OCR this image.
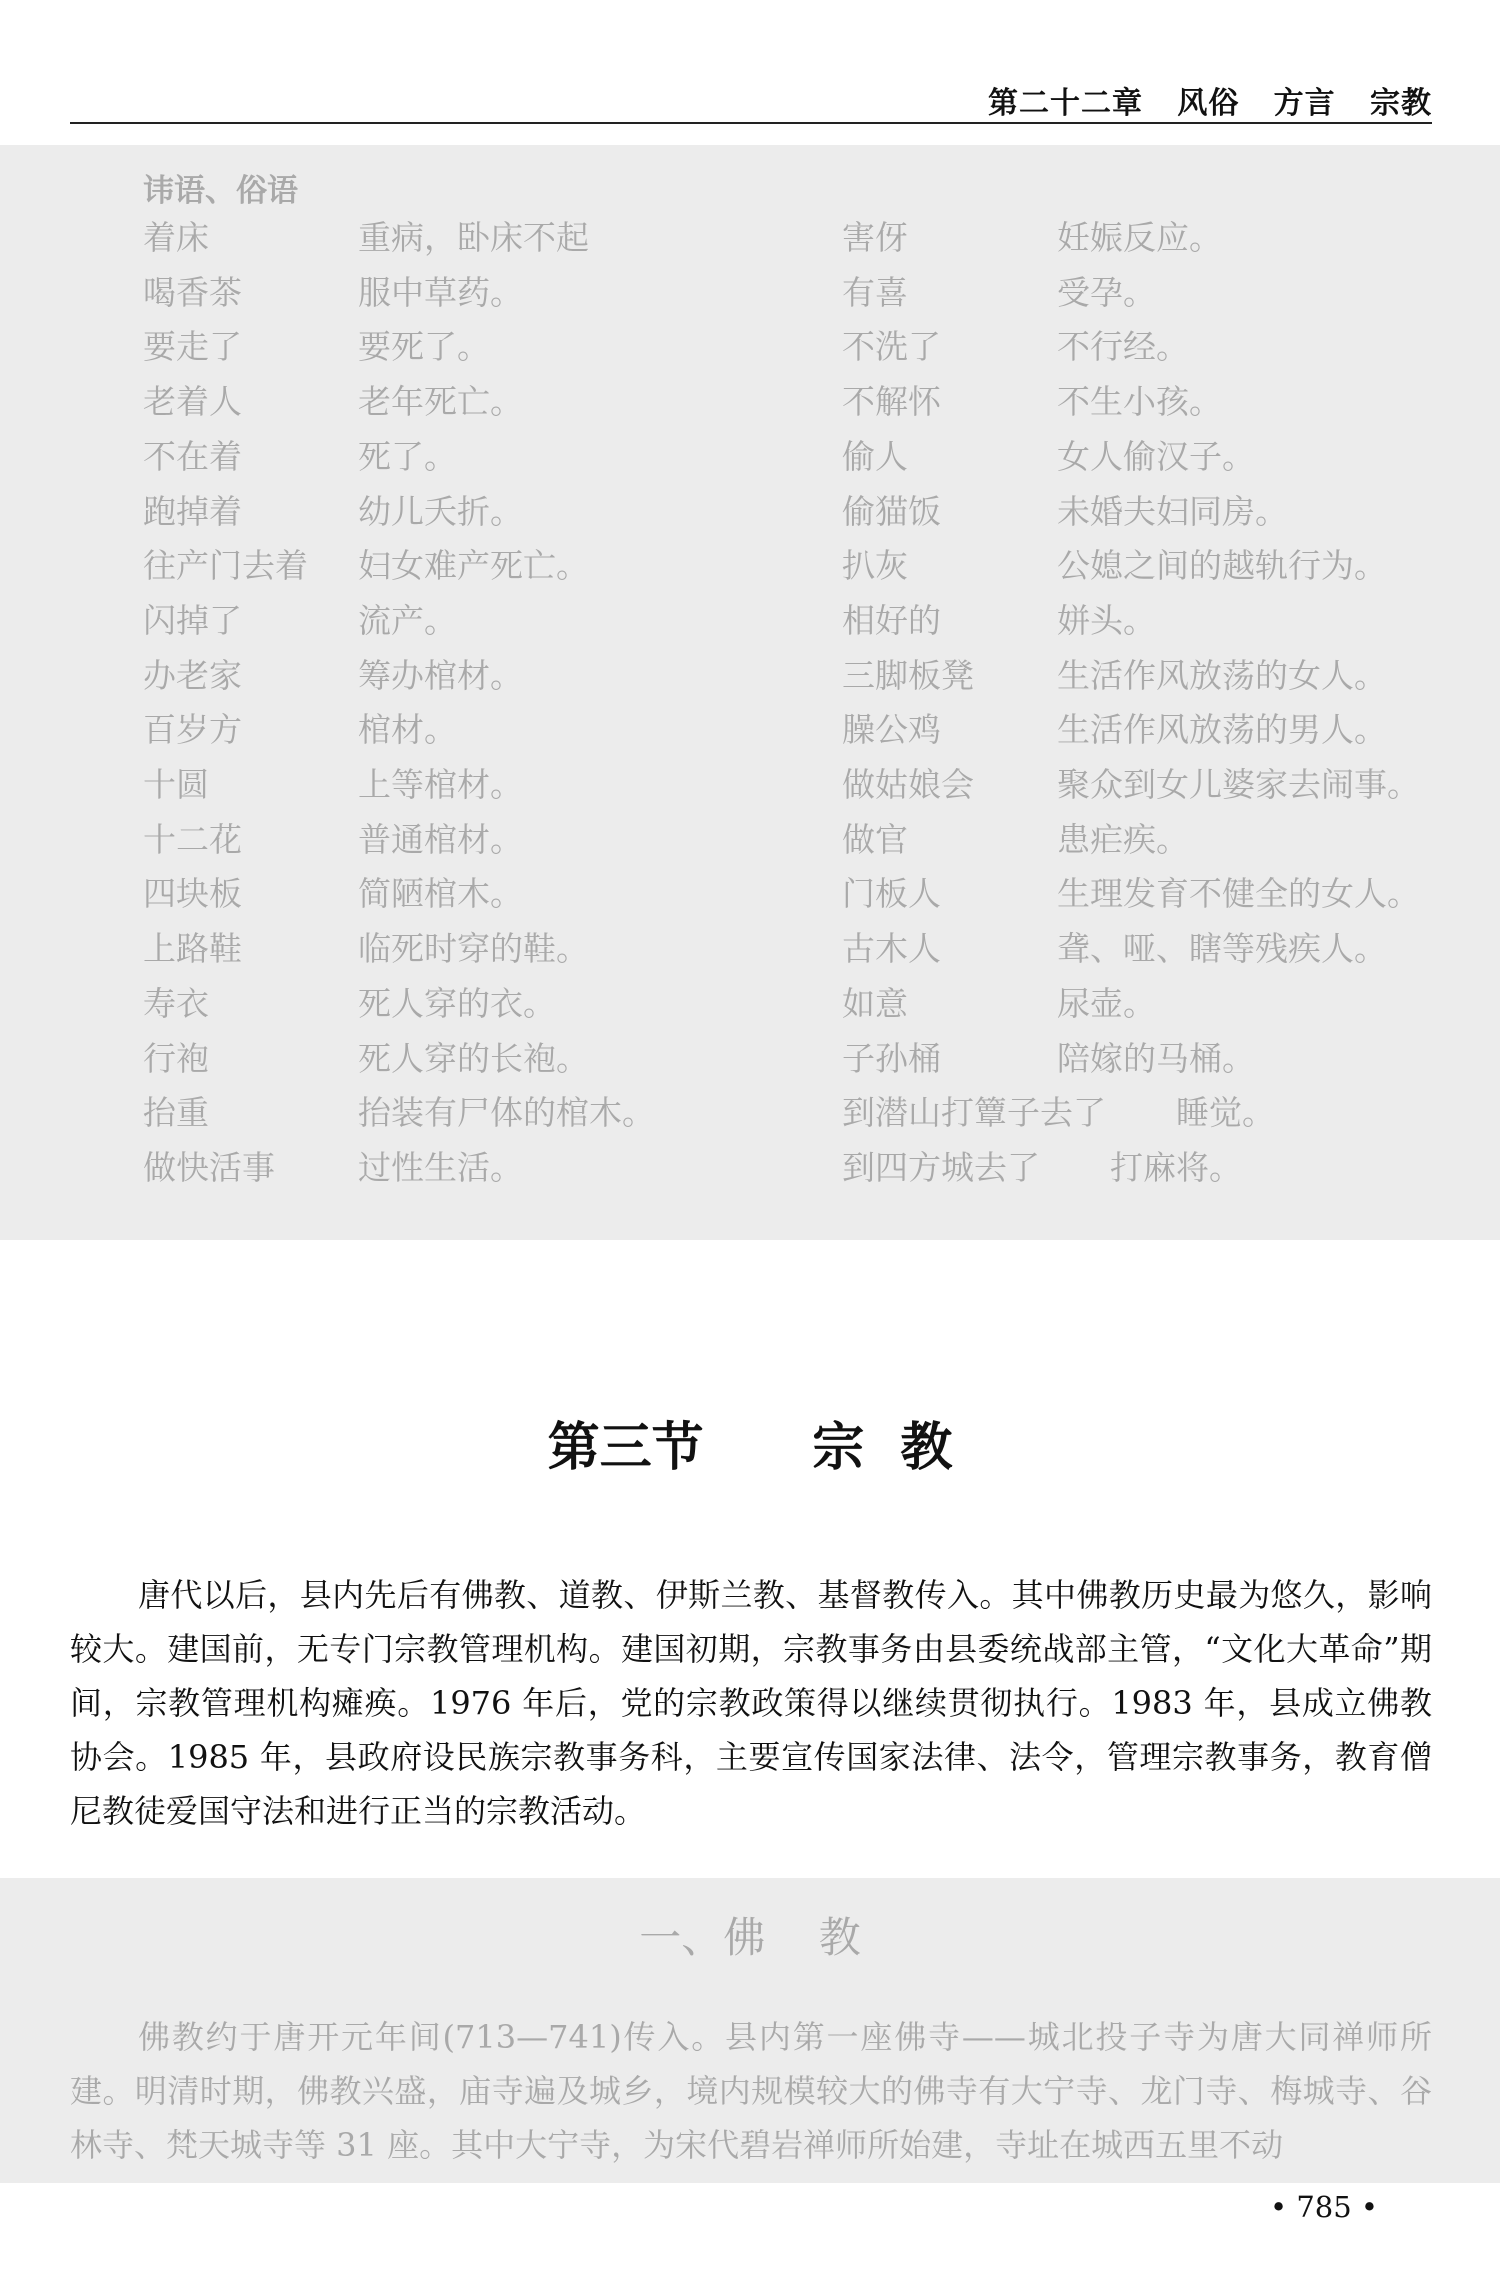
第二十二章   风俗   方言   宗教
讳语、俗语
着床	重病，卧床不起
喝香茶	服中草药。
要走了	要死了。
老着人	老年死亡。
不在着	死了。
跑掉着	幼儿夭折。
往产门去着 妇女难产死亡。
闪掉了	流产。
办老家	筹办棺材。
百岁方	棺材。
十圆	上等棺材。
十二花	普通棺材。
四块板	简陋棺木。
上路鞋	临死时穿的鞋。
寿衣	死人穿的衣。
行袍	死人穿的长袍。
抬重	抬装有尸体的棺木。
做快活事	过性生活。
害伢	妊娠反应。
有喜	受孕。
不洗了	不行经。
不解怀	不生小孩。
偷人	女人偷汉子。
偷猫饭	未婚夫妇同房。
扒灰	公媳之间的越轨行为。
相好的	姘头。
三脚板凳	生活作风放荡的女人。
臊公鸡	生活作风放荡的男人。
做姑娘会	聚众到女儿婆家去闹事。
做官	患疟疾。
门板人	生理发育不健全的女人。
古木人	聋、哑、瞎等残疾人。
如意	尿壶。
子孙桶	陪嫁的马桶。
到潜山打簟子去了 睡觉。
到四方城去了 打麻将。
第三节      宗  教

唐代以后，县内先后有佛教、道教、伊斯兰教、基督教传入。其中佛教历史最为悠久，影响较大。建国前，无专门宗教管理机构。建国初期，宗教事务由县委统战部主管，“文化大革命”期间，宗教管理机构瘫痪。1976 年后，党的宗教政策得以继续贯彻执行。1983 年，县成立佛教协会。1985 年，县政府设民族宗教事务科，主要宣传国家法律、法令，管理宗教事务，教育僧尼教徒爱国守法和进行正当的宗教活动。

一、佛    教

佛教约于唐开元年间(713—741)传入。县内第一座佛寺——城北投子寺为唐大同禅师所建。明清时期，佛教兴盛，庙寺遍及城乡，境内规模较大的佛寺有大宁寺、龙门寺、梅城寺、谷林寺、梵天城寺等 31 座。其中大宁寺，为宋代碧岩禅师所始建，寺址在城西五里不动

• 785 •
